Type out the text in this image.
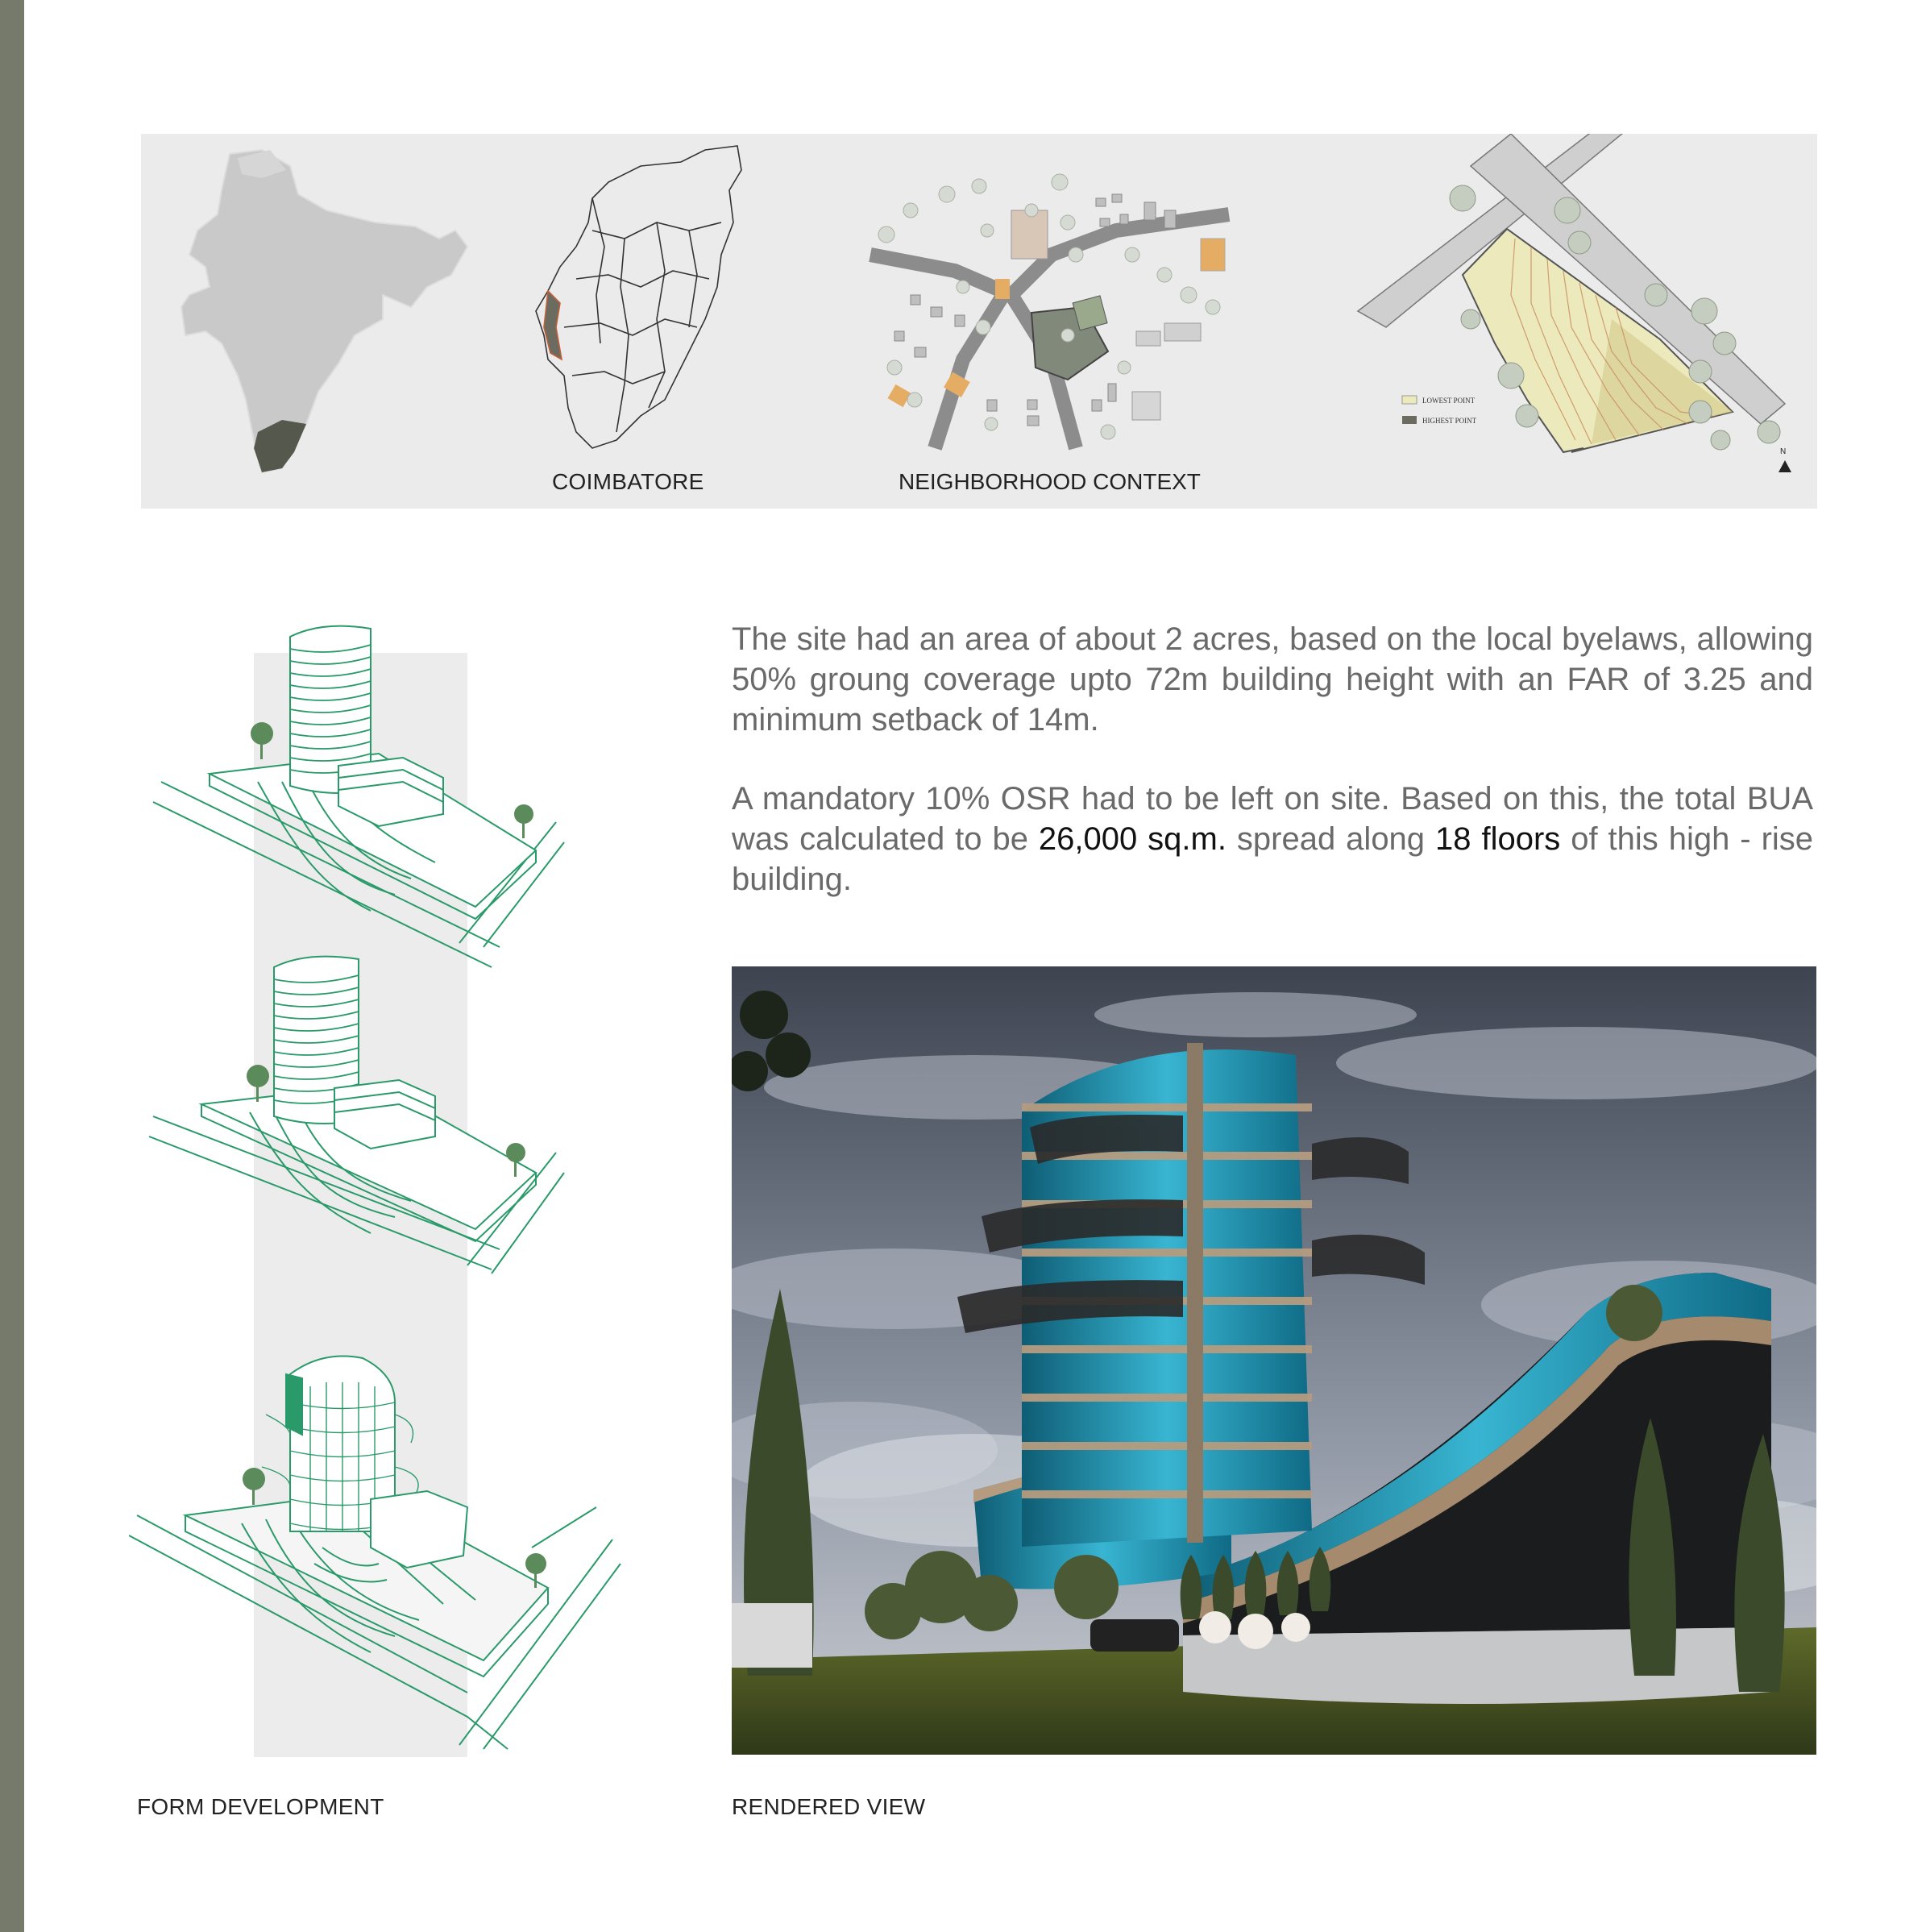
COIMBATORE	NEIGHBORHOOD CONTEXT
LOWEST POINT
HIGHEST POINT
N
The site had an area of about 2 acres, based on the local byelaws, allowing 50% groung coverage upto 72m building height with an FAR of 3.25 and minimum setback of 14m.
A mandatory 10% OSR had to be left on site. Based on this, the total BUA was calculated to be 26,000 sq.m. spread along 18 floors of this high - rise building.
FORM DEVELOPMENT	RENDERED VIEW
